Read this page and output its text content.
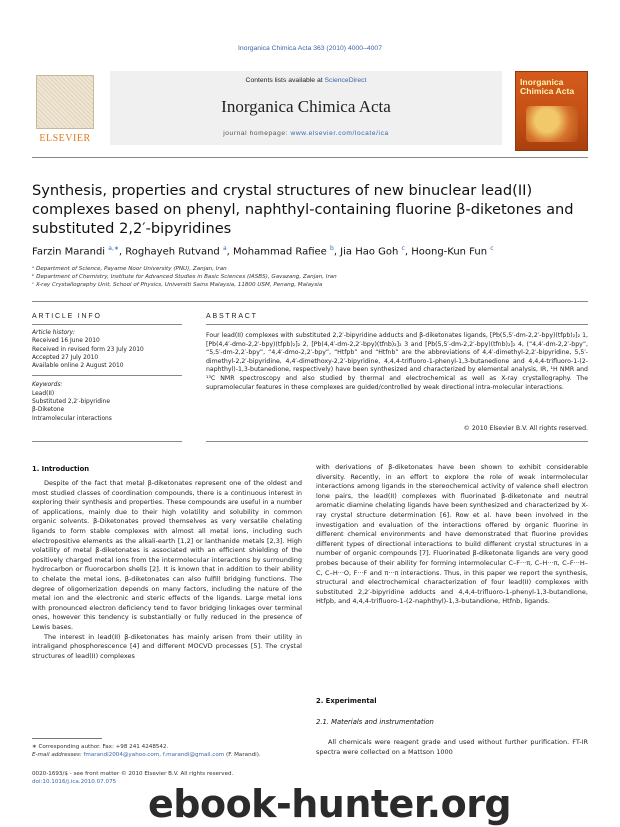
Inorganica Chimica Acta 363 (2010) 4000–4007
ELSEVIER
Contents lists available at ScienceDirect
Inorganica Chimica Acta
journal homepage: www.elsevier.com/locate/ica
Inorganica Chimica Acta
Synthesis, properties and crystal structures of new binuclear lead(II) complexes based on phenyl, naphthyl-containing fluorine β-diketones and substituted 2,2′-bipyridines
Farzin Marandi $^{a,∗}$, Roghayeh Rutvand $^a$, Mohammad Rafiee $^b$, Jia Hao Goh $^c$, Hoong-Kun Fun $^c$
ᵃ Department of Science, Payame Noor University (PNU), Zanjan, Iran
ᵇ Department of Chemistry, Institute for Advanced Studies in Basic Sciences (IASBS), Gavazang, Zanjan, Iran
ᶜ X-ray Crystallography Unit, School of Physics, Universiti Sains Malaysia, 11800 USM, Penang, Malaysia
ARTICLE INFO	ABSTRACT
Article history:
Received 16 June 2010
Received in revised form 23 July 2010
Accepted 27 July 2010
Available online 2 August 2010
Keywords:
Lead(II)
Substituted 2,2′-bipyridine
β-Diketone
Intramolecular interactions
Four lead(II) complexes with substituted 2,2′-bipyridine adducts and β-diketonates ligands, [Pb(5,5′-dm-2,2′-bpy)(tfpb)₂]₂ 1, [Pb(4,4′-dmo-2,2′-bpy)(tfpb)₂]₂ 2, [Pb(4,4′-dm-2,2′-bpy)(tfnb)₂]₂ 3 and [Pb(5,5′-dm-2,2′-bpy)(tfnb)₂]₂ 4, (“4,4′-dm-2,2′-bpy”, “5,5′-dm-2,2′-bpy”, “4,4′-dmo-2,2′-bpy”, “Htfpb” and “Htfnb” are the abbreviations of 4,4′-dimethyl-2,2′-bipyridine, 5,5′-dimethyl-2,2′-bipyridine, 4,4′-dimethoxy-2,2′-bipyridine, 4,4,4-trifluoro-1-phenyl-1,3-butanedione and 4,4,4-trifluoro-1-(2-naphthyl)-1,3-butanedione, respectively) have been synthesized and characterized by elemental analysis, IR, ¹H NMR and ¹³C NMR spectroscopy and also studied by thermal and electrochemical as well as X-ray crystallography. The supramolecular features in these complexes are guided/controlled by weak directional intra-molecular interactions.
© 2010 Elsevier B.V. All rights reserved.
1. Introduction

Despite of the fact that metal β-diketonates represent one of the oldest and most studied classes of coordination compounds, there is a continuous interest in exploring their synthesis and properties. These compounds are useful in a number of applications, mainly due to their high volatility and solubility in common organic solvents. β-Diketonates proved themselves as very versatile chelating ligands to form stable complexes with almost all metal ions, including such electropositive elements as the alkali-earth [1,2] or lanthanide metals [2,3]. High volatility of metal β-diketonates is associated with an efficient shielding of the positively charged metal ions from the intermolecular interactions by surrounding hydrocarbon or fluorocarbon shells [2]. It is known that in addition to their ability to chelate the metal ions, β-diketonates can also fulfill bridging functions. The degree of oligomerization depends on many factors, including the nature of the metal ion and the electronic and steric effects of the ligands. Large metal ions with pronounced electron deficiency tend to favor bridging linkages over terminal ones, however this tendency is substantially or fully reduced in the presence of Lewis bases.

The interest in lead(II) β-diketonates has mainly arisen from their utility in intraligand phosphorescence [4] and different MOCVD processes [5]. The crystal structures of lead(II) complexes

with derivations of β-diketonates have been shown to exhibit considerable diversity. Recently, in an effort to explore the role of weak intermolecular interactions among ligands in the stereochemical activity of valence shell electron lone pairs, the lead(II) complexes with fluorinated β-diketonate and neutral aromatic diamine chelating ligands have been synthesized and characterized by X-ray crystal structure determination [6]. Row et al. have been involved in the investigation and evaluation of the interactions offered by organic fluorine in different chemical environments and have demonstrated that fluorine provides different types of directional interactions to build different crystal structures in a number of organic compounds [7]. Fluorinated β-diketonate ligands are very good probes because of their ability for forming intermolecular C–F···π, C–H···π, C–F···H–C, C–H···O, F···F and π···π interactions. Thus, in this paper we report the synthesis, structural and electrochemical characterization of four lead(II) complexes with substituted 2,2′-bipyridine adducts and 4,4,4-trifluoro-1-phenyl-1,3-butandione, Htfpb, and 4,4,4-trifluoro-1-(2-naphthyl)-1,3-butandione, Htfnb, ligands.
2. Experimental
2.1. Materials and instrumentation

All chemicals were reagent grade and used without further purification. FT-IR spectra were collected on a Mattson 1000

∗ Corresponding author. Fax: +98 241 4248542.
E-mail addresses: fmarandi2004@yahoo.com, f.marandi@gmail.com (F. Marandi).
0020-1693/$ - see front matter © 2010 Elsevier B.V. All rights reserved.
doi:10.1016/j.ica.2010.07.075 ebook-hunter.org
